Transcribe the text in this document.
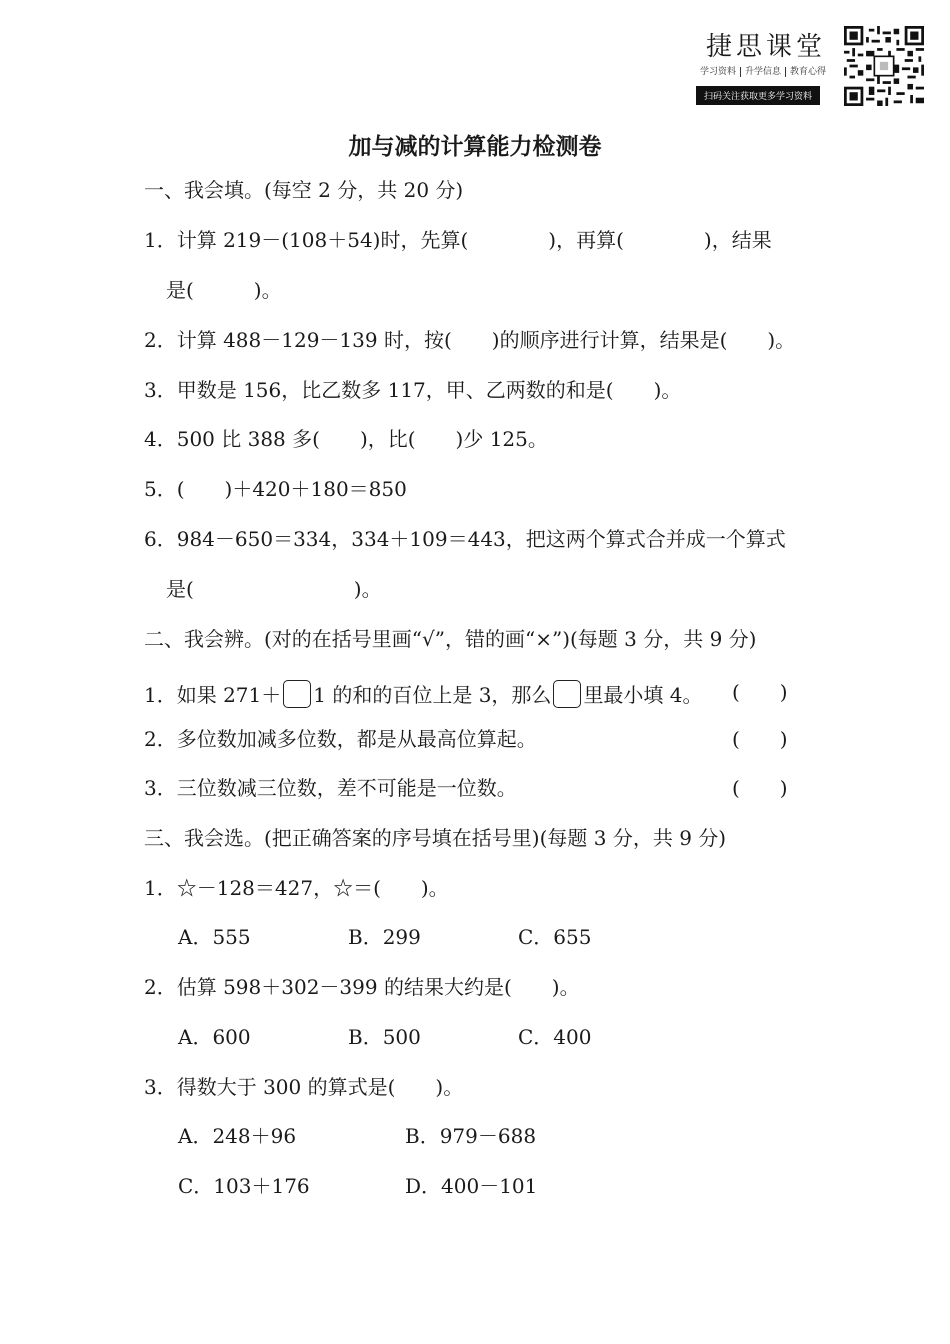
捷思课堂
学习资料 升学信息 教育心得
扫码关注获取更多学习资料
加与减的计算能力检测卷
一、我会填。(每空 2 分，共 20 分)
1．计算 219－(108＋54)时，先算(　　　　)，再算(　　　　)，结果
是(　　　)。
2．计算 488－129－139 时，按(　　)的顺序进行计算，结果是(　　)。
3．甲数是 156，比乙数多 117，甲、乙两数的和是(　　)。
4．500 比 388 多(　　)，比(　　)少 125。
5．(　　)＋420＋180＝850
6．984－650＝334，334＋109＝443，把这两个算式合并成一个算式
是(　　　　　　　　)。
二、我会辨。(对的在括号里画“√”，错的画“×”)(每题 3 分，共 9 分)
1．如果 271＋ 1 的和的百位上是 3，那么 里最小填 4。 (　　)
2．多位数加减多位数，都是从最高位算起。	(　　)
3．三位数减三位数，差不可能是一位数。	(　　)
三、我会选。(把正确答案的序号填在括号里)(每题 3 分，共 9 分)
1．☆－128＝427，☆＝(　　)。
A．555	B．299	C．655
2．估算 598＋302－399 的结果大约是(　　)。
A．600	B．500	C．400
3．得数大于 300 的算式是(　　)。
A．248＋96	B．979－688
C．103＋176	D．400－101
